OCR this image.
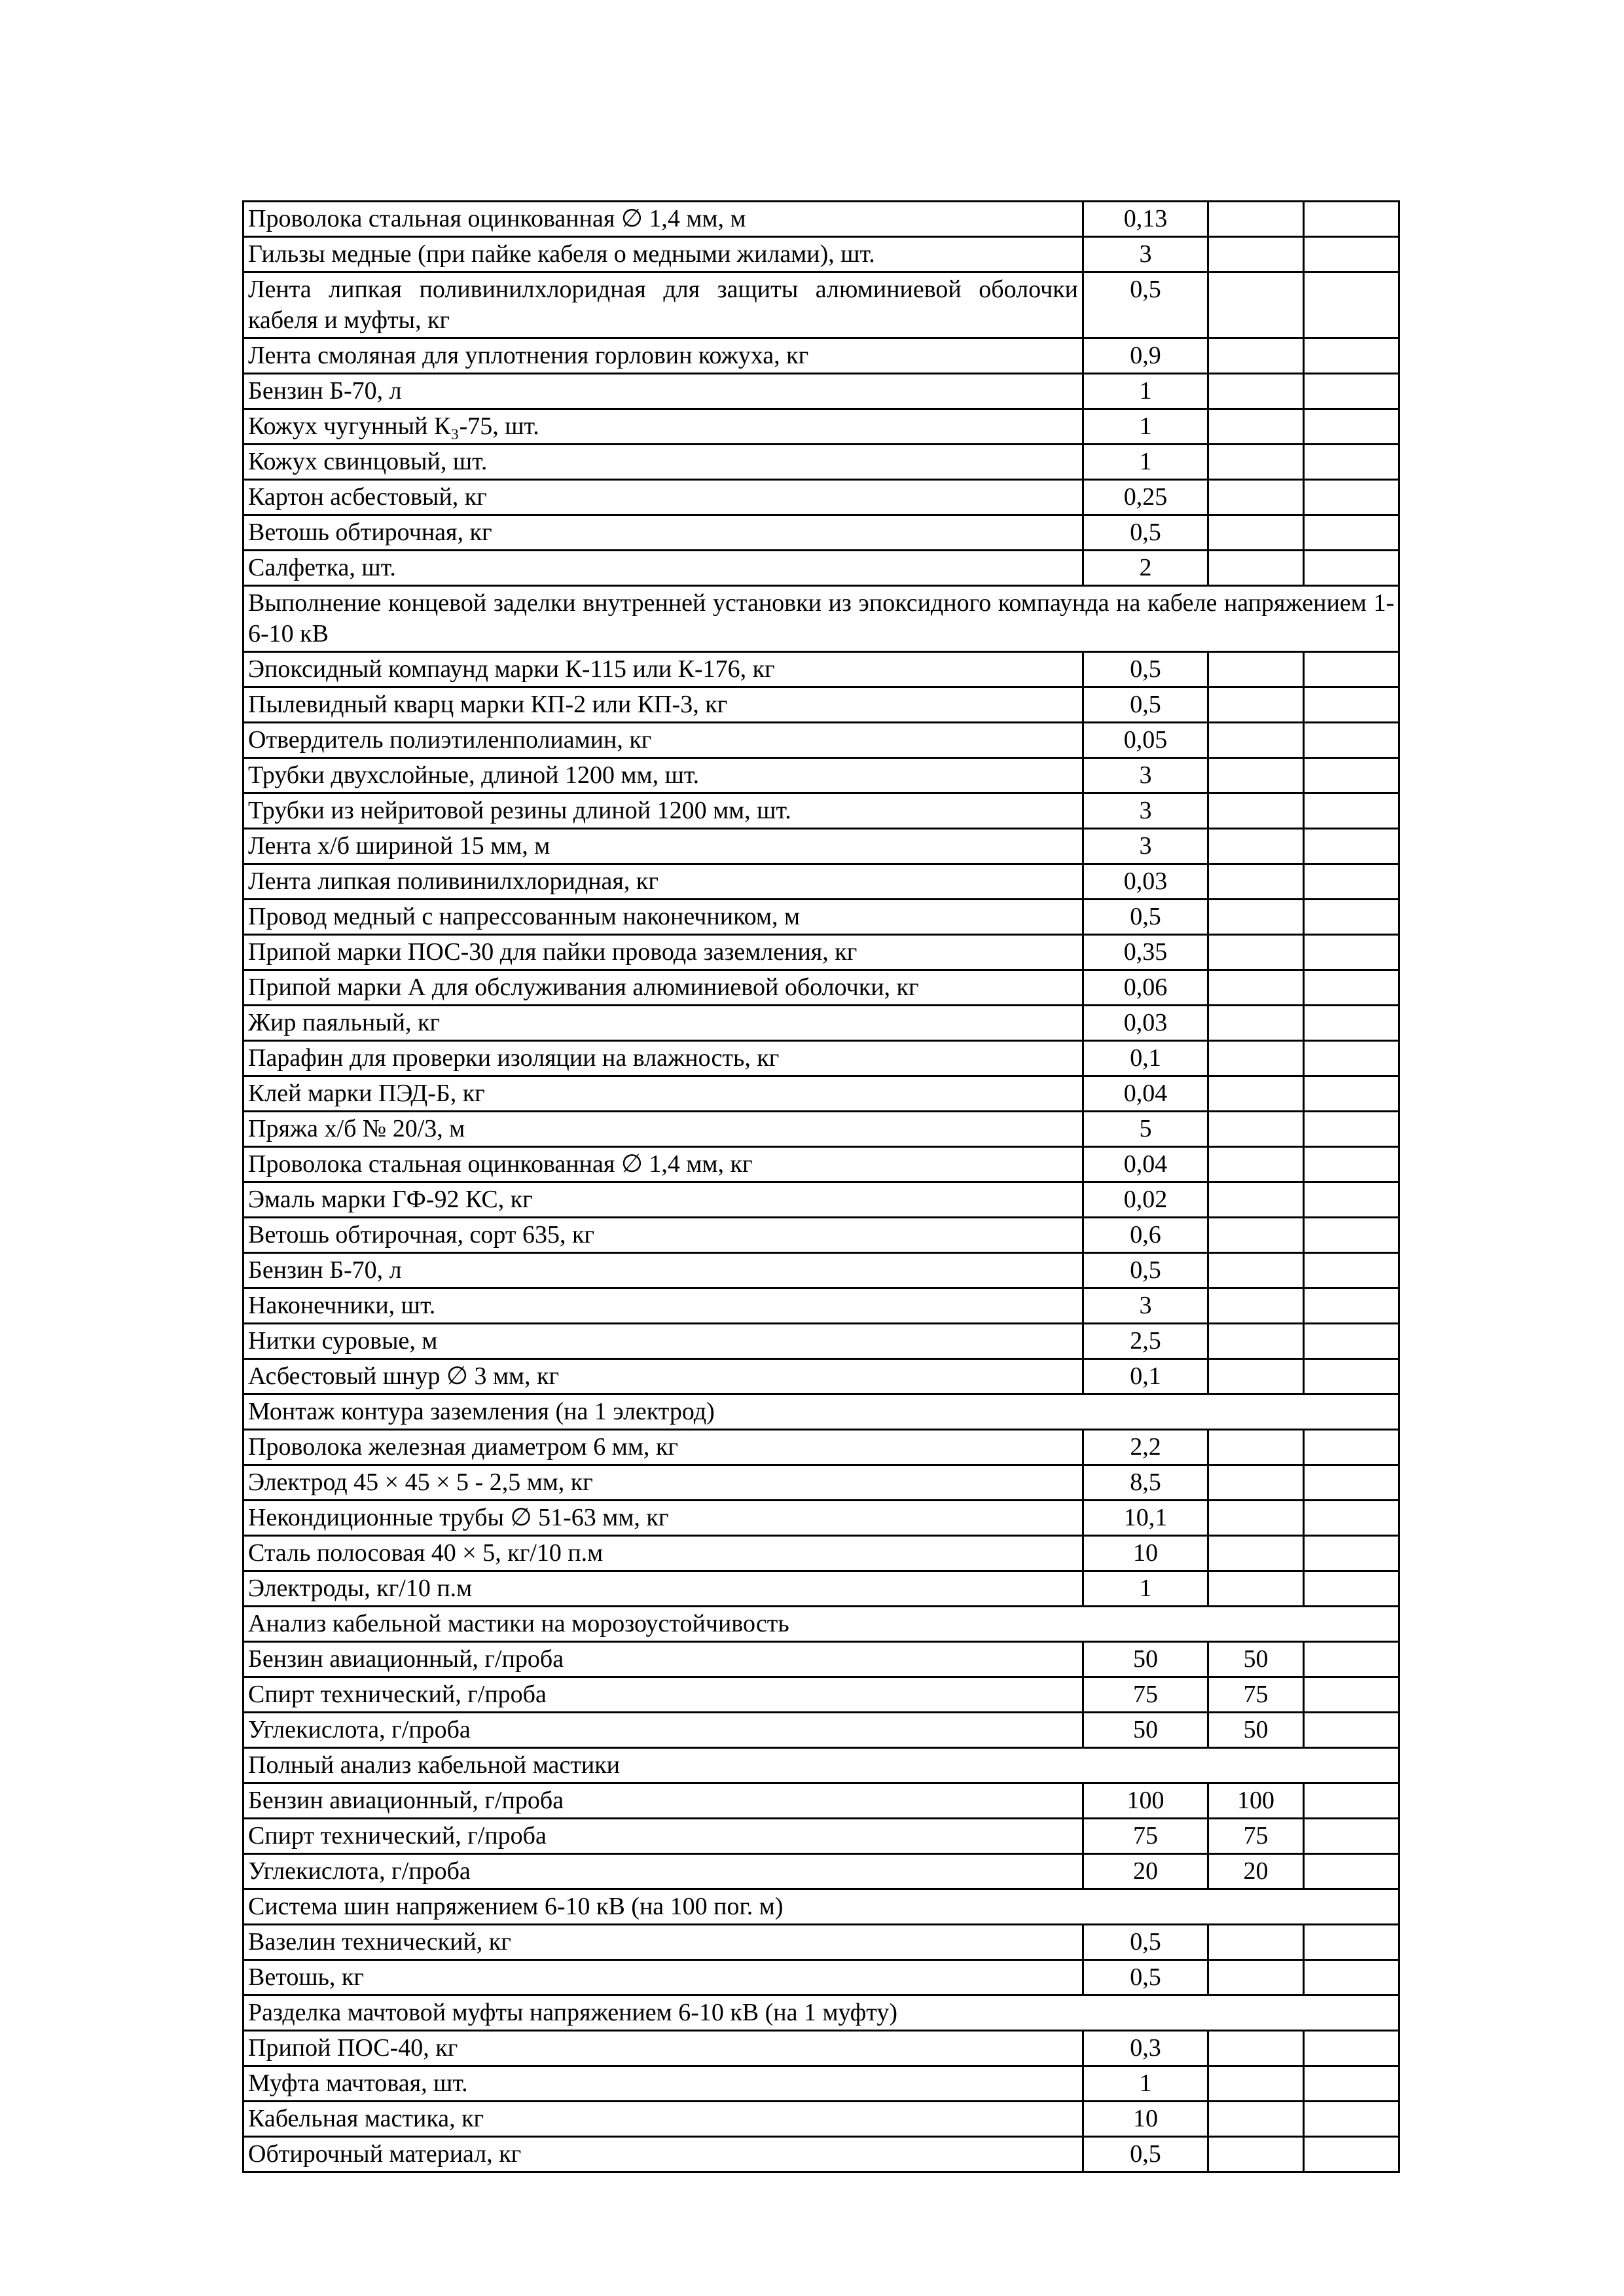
Проволока стальная оцинкованная ∅ 1,4 мм, м	0,13		
Гильзы медные (при пайке кабеля о медными жилами), шт.	3		
Лента липкая поливинилхлоридная для защиты алюминиевой оболочки кабеля и муфты, кг	0,5		
Лента смоляная для уплотнения горловин кожуха, кг	0,9		
Бензин Б-70, л	1		
Кожух чугунный К₃-75, шт.	1		
Кожух свинцовый, шт.	1		
Картон асбестовый, кг	0,25		
Ветошь обтирочная, кг	0,5		
Салфетка, шт.	2		
Выполнение концевой заделки внутренней установки из эпоксидного компаунда на кабеле напряжением 1-6-10 кВ			
Эпоксидный компаунд марки К-115 или К-176, кг	0,5		
Пылевидный кварц марки КП-2 или КП-3, кг	0,5		
Отвердитель полиэтиленполиамин, кг	0,05		
Трубки двухслойные, длиной 1200 мм, шт.	3		
Трубки из нейритовой резины длиной 1200 мм, шт.	3		
Лента х/б шириной 15 мм, м	3		
Лента липкая поливинилхлоридная, кг	0,03		
Провод медный с напрессованным наконечником, м	0,5		
Припой марки ПОС-30 для пайки провода заземления, кг	0,35		
Припой марки А для обслуживания алюминиевой оболочки, кг	0,06		
Жир паяльный, кг	0,03		
Парафин для проверки изоляции на влажность, кг	0,1		
Клей марки ПЭД-Б, кг	0,04		
Пряжа х/б № 20/3, м	5		
Проволока стальная оцинкованная ∅ 1,4 мм, кг	0,04		
Эмаль марки ГФ-92 КС, кг	0,02		
Ветошь обтирочная, сорт 635, кг	0,6		
Бензин Б-70, л	0,5		
Наконечники, шт.	3		
Нитки суровые, м	2,5		
Асбестовый шнур ∅ 3 мм, кг	0,1		
Монтаж контура заземления (на 1 электрод)			
Проволока железная диаметром 6 мм, кг	2,2		
Электрод 45 × 45 × 5 - 2,5 мм, кг	8,5		
Некондиционные трубы ∅ 51-63 мм, кг	10,1		
Сталь полосовая 40 × 5, кг/10 п.м	10		
Электроды, кг/10 п.м	1		
Анализ кабельной мастики на морозоустойчивость			
Бензин авиационный, г/проба	50	50	
Спирт технический, г/проба	75	75	
Углекислота, г/проба	50	50	
Полный анализ кабельной мастики			
Бензин авиационный, г/проба	100	100	
Спирт технический, г/проба	75	75	
Углекислота, г/проба	20	20	
Система шин напряжением 6-10 кВ (на 100 пог. м)			
Вазелин технический, кг	0,5		
Ветошь, кг	0,5		
Разделка мачтовой муфты напряжением 6-10 кВ (на 1 муфту)			
Припой ПОС-40, кг	0,3		
Муфта мачтовая, шт.	1		
Кабельная мастика, кг	10		
Обтирочный материал, кг	0,5		
